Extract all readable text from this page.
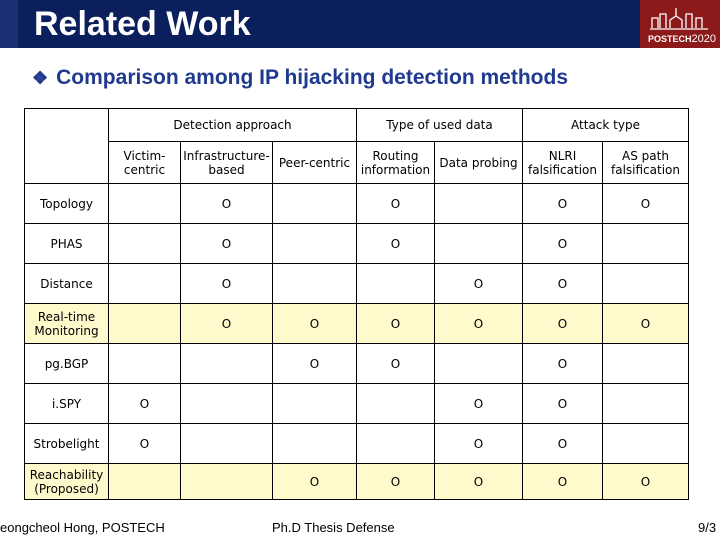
Related Work	POSTECH2020
❖ Comparison among IP hijacking detection methods
	Detection approach			Type of used data		Attack type	
	Victim-centric	Infrastructure-based	Peer-centric	Routing information	Data probing	NLRI falsification	AS path falsification
Topology		O		O		O	O
PHAS		O		O		O	
Distance		O			O	O	
Real-time Monitoring		O	O	O	O	O	O
pg.BGP			O	O		O	
i.SPY	O				O	O	
Strobelight	O				O	O	
Reachability (Proposed)			O	O	O	O	O
eongcheol Hong, POSTECH	Ph.D Thesis Defense	9/3
